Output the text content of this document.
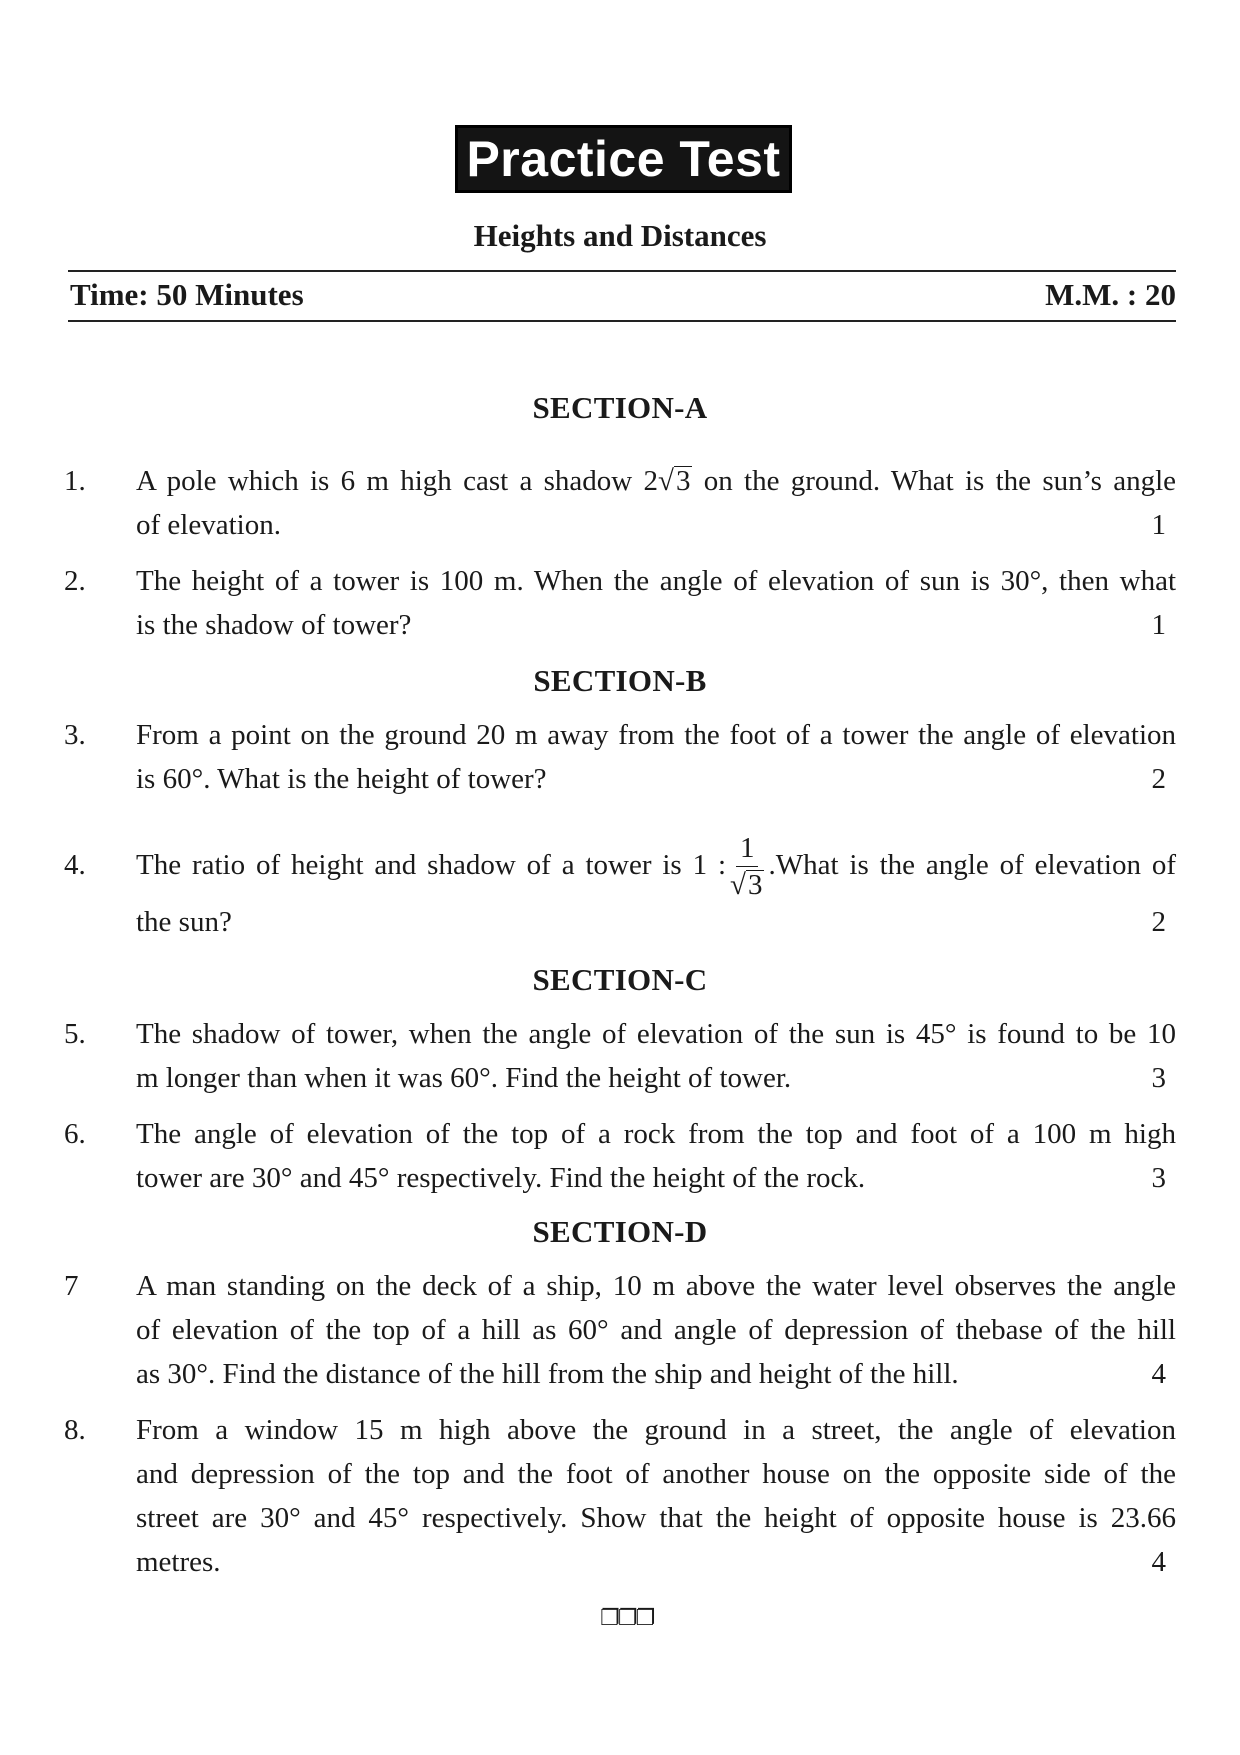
Practice Test
Heights and Distances
Time: 50 Minutes	M.M. : 20
SECTION-A
1. A pole which is 6 m high cast a shadow 2√3 on the ground. What is the sun’s angle
of elevation.	1
2. The height of a tower is 100 m. When the angle of elevation of sun is 30°, then what
is the shadow of tower?	1
SECTION-B
3. From a point on the ground 20 m away from the foot of a tower the angle of elevation
is 60°. What is the height of tower?	2
4. The ratio of height and shadow of a tower is 1 : $\frac{1}{√3}$ .What is the angle of elevation of
the sun?	2
SECTION-C
5. The shadow of tower, when the angle of elevation of the sun is 45° is found to be 10
m longer than when it was 60°. Find the height of tower.	3
6. The angle of elevation of the top of a rock from the top and foot of a 100 m high
tower are 30° and 45° respectively. Find the height of the rock.	3
SECTION-D
7 A man standing on the deck of a ship, 10 m above the water level observes the angle
of elevation of the top of a hill as 60° and angle of depression of thebase of the hill
as 30°. Find the distance of the hill from the ship and height of the hill.	4
8. From a window 15 m high above the ground in a street, the angle of elevation
and depression of the top and the foot of another house on the opposite side of the
street are 30° and 45° respectively. Show that the height of opposite house is 23.66
metres.	4
❐❐❐
